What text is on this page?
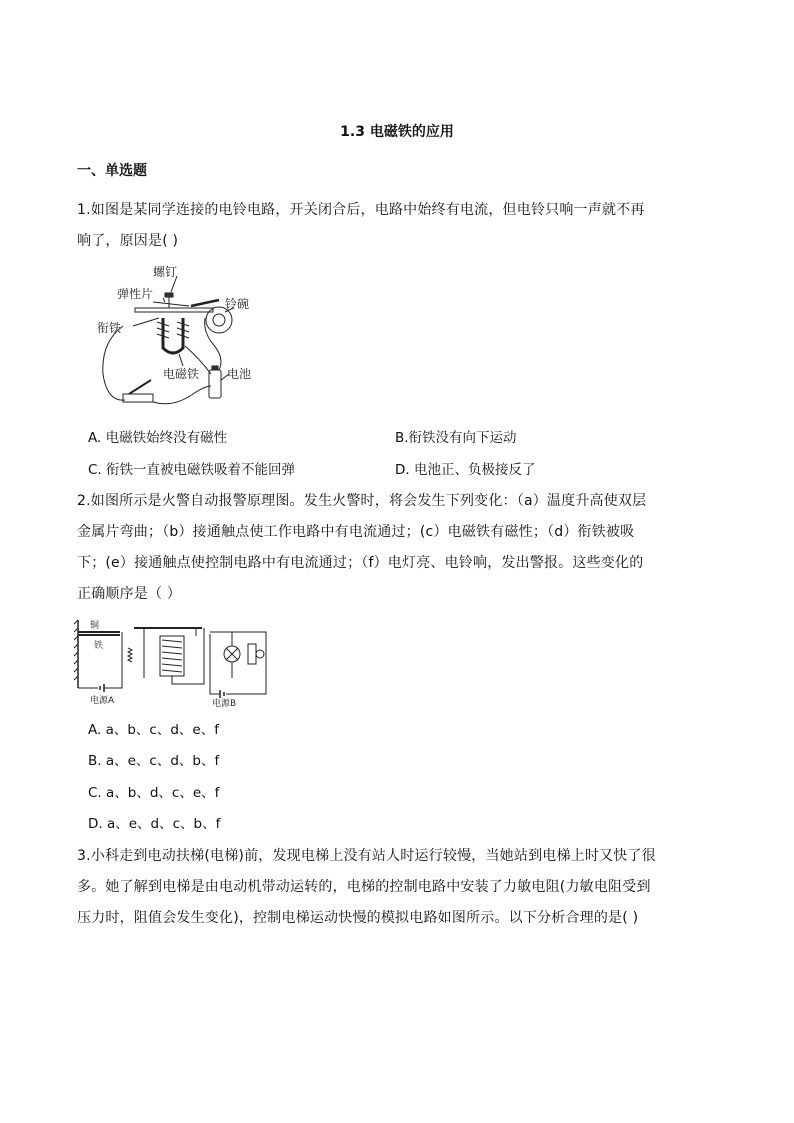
1.3 电磁铁的应用
一、单选题
1.如图是某同学连接的电铃电路，开关闭合后，电路中始终有电流，但电铃只响一声就不再
响了，原因是( )
螺钉
弹性片
铃碗
衔铁
电磁铁 电池
A. 电磁铁始终没有磁性	B.衔铁没有向下运动
C. 衔铁一直被电磁铁吸着不能回弹	D. 电池正、负极接反了
2.如图所示是火警自动报警原理图。发生火警时，将会发生下列变化：（a）温度升高使双层
金属片弯曲；（b）接通触点使工作电路中有电流通过；(c）电磁铁有磁性；（d）衔铁被吸
下；(e）接通触点使控制电路中有电流通过；（f）电灯亮、电铃响，发出警报。这些变化的
正确顺序是（ ）
铜
铁
电源A	电源B
A. a、b、c、d、e、f
B. a、e、c、d、b、f
C. a、b、d、c、e、f
D. a、e、d、c、b、f
3.小科走到电动扶梯(电梯)前，发现电梯上没有站人时运行较慢，当她站到电梯上时又快了很
多。她了解到电梯是由电动机带动运转的，电梯的控制电路中安装了力敏电阻(力敏电阻受到
压力时，阻值会发生变化)，控制电梯运动快慢的模拟电路如图所示。以下分析合理的是( )
